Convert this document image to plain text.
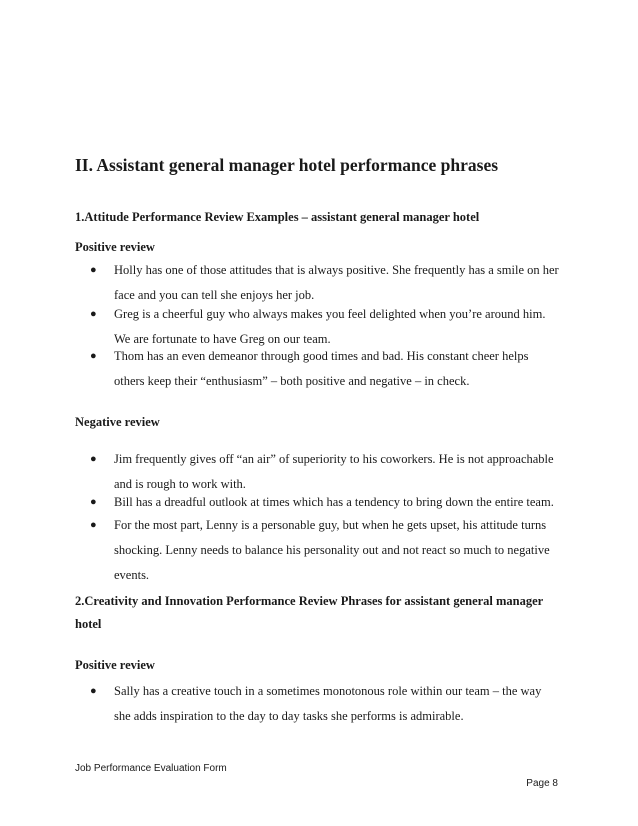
II. Assistant general manager hotel performance phrases
1.Attitude Performance Review Examples – assistant general manager hotel
Positive review
● Holly has one of those attitudes that is always positive. She frequently has a smile on her face and you can tell she enjoys her job.
● Greg is a cheerful guy who always makes you feel delighted when you’re around him. We are fortunate to have Greg on our team.
● Thom has an even demeanor through good times and bad. His constant cheer helps others keep their “enthusiasm” – both positive and negative – in check.
Negative review
● Jim frequently gives off “an air” of superiority to his coworkers. He is not approachable and is rough to work with.
● Bill has a dreadful outlook at times which has a tendency to bring down the entire team.
● For the most part, Lenny is a personable guy, but when he gets upset, his attitude turns shocking. Lenny needs to balance his personality out and not react so much to negative events.
2.Creativity and Innovation Performance Review Phrases for assistant general manager
hotel
Positive review
● Sally has a creative touch in a sometimes monotonous role within our team – the way she adds inspiration to the day to day tasks she performs is admirable.
Job Performance Evaluation Form
Page 8
